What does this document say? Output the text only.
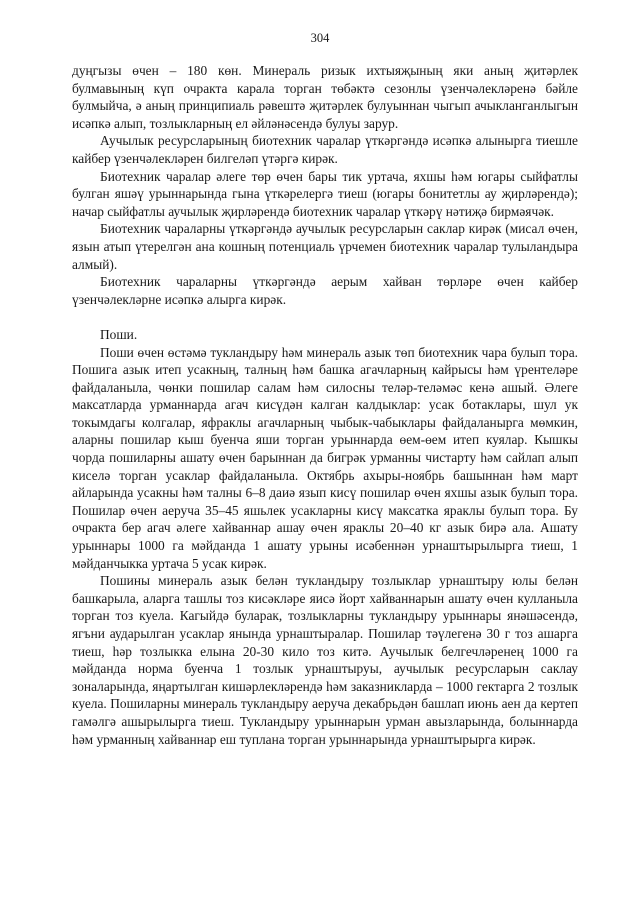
304

дуңгызы өчен – 180 көн. Минераль ризык ихтыяҗының яки аның җитәрлек булмавының күп очракта карала торган төбәктә сезонлы үзенчәлекләренә бәйле булмыйча, ә аның принципиаль рәвештә җитәрлек булуыннан чыгып ачыкланганлыгын исәпкә алып, тозлыкларның ел әйләнәсендә булуы зарур.

Аучылык ресурсларының биотехник чаралар үткәргәндә исәпкә алынырга тиешле кайбер үзенчәлекләрен билгеләп үтәргә кирәк.

Биотехник чаралар әлеге төр өчен бары тик уртача, яхшы һәм югары сыйфатлы булган яшәү урыннарында гына үткәрелергә тиеш (югары бонитетлы ау җирләрендә); начар сыйфатлы аучылык җирләрендә биотехник чаралар үткәрү нәтиҗә бирмәячәк.

Биотехник чараларны үткәргәндә аучылык ресурсларын саклар кирәк (мисал өчен, язын атып үтерелгән ана кошның потенциаль үрчемен биотехник чаралар тулыландыра алмый).

Биотехник чараларны үткәргәндә аерым хайван төрләре өчен кайбер үзенчәлекләрне исәпкә алырга кирәк.

Поши.

Поши өчен өстәмә тукландыру һәм минераль азык төп биотехник чара булып тора. Пошига азык итеп усакның, талның һәм башка агачларның кайрысы һәм үрентеләре файдаланыла, чөнки пошилар салам һәм силосны теләр-теләмәс кенә ашый. Әлеге максатларда урманнарда агач кисүдән калган калдыклар: усак ботаклары, шул ук токымдагы колгалар, яфраклы агачларның чыбык-чабыклары файдаланырга мөмкин, аларны пошилар кыш буенча яши торган урыннарда өем-өем итеп куялар. Кышкы чорда пошиларны ашату өчен барыннан да бигрәк урманны чистарту һәм сайлап алып киселә торган усаклар файдаланыла. Октябрь ахыры-ноябрь башыннан һәм март айларында усакны һәм талны 6–8 даиә язып кисү пошилар өчен яхшы азык булып тора. Пошилар өчен аеруча 35–45 яшьлек усакларны кисү максатка яраклы булып тора. Бу очракта бер агач әлеге хайваннар ашау өчен яраклы 20–40 кг азык бирә ала. Ашату урыннары 1000 га мәйданда 1 ашату урыны исәбеннән урнаштырылырга тиеш, 1 мәйданчыкка уртача 5 усак кирәк.

Пошины минераль азык белән тукландыру тозлыклар урнаштыру юлы белән башкарыла, аларга ташлы тоз кисәкләре яисә йорт хайваннарын ашату өчен кулланыла торган тоз куела. Кагыйдә буларак, тозлыкларны тукландыру урыннары янәшәсендә, ягъни аударылган усаклар янында урнаштыралар. Пошилар тәүлегенә 30 г тоз ашарга тиеш, һәр тозлыкка елына 20-30 кило тоз китә. Аучылык белгечләренең 1000 га мәйданда норма буенча 1 тозлык урнаштыруы, аучылык ресурсларын саклау зоналарында, яңартылган кишәрлекләрендә һәм заказникларда – 1000 гектарга 2 тозлык куела. Пошиларны минераль тукландыру аеруча декабрьдән башлап июнь аен да кертеп гамәлгә ашырылырга тиеш. Тукландыру урыннарын урман авызларында, болыннарда һәм урманның хайваннар еш туплана торган урыннарында урнаштырырга кирәк.
